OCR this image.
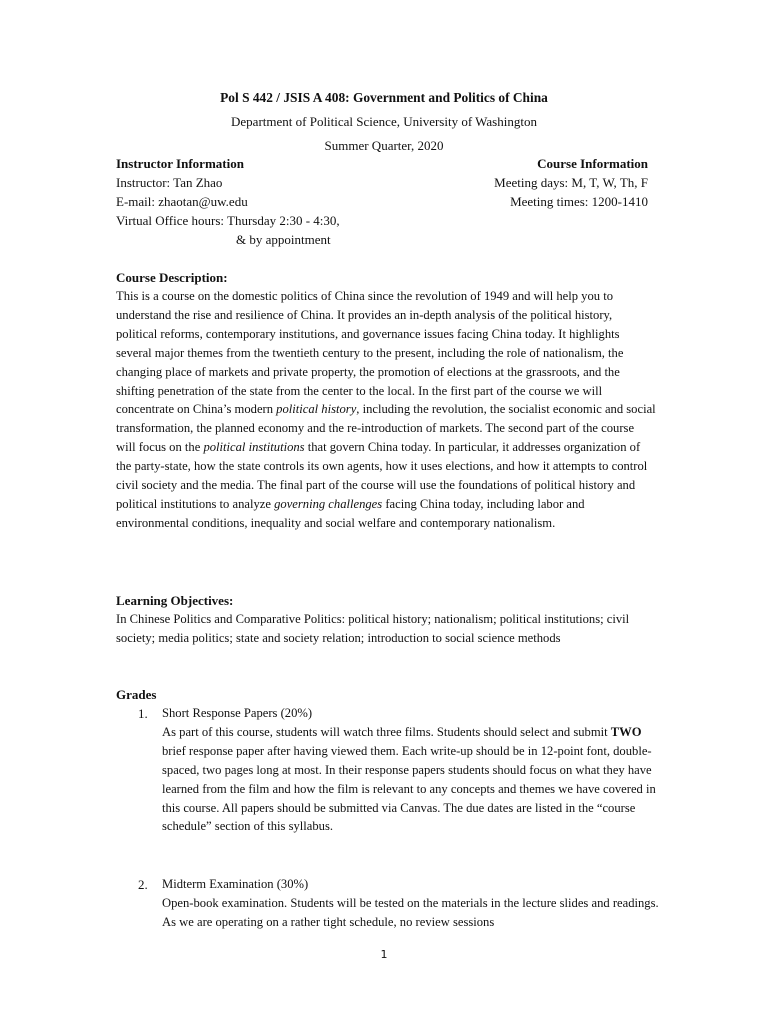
Pol S 442 / JSIS A 408: Government and Politics of China
Department of Political Science, University of Washington
Summer Quarter, 2020
Instructor Information	Course Information
Instructor: Tan Zhao	Meeting days: M, T, W, Th, F
E-mail: zhaotan@uw.edu	Meeting times: 1200-1410
Virtual Office hours: Thursday 2:30 - 4:30,
& by appointment
Course Description:

This is a course on the domestic politics of China since the revolution of 1949 and will help you to understand the rise and resilience of China. It provides an in-depth analysis of the political history, political reforms, contemporary institutions, and governance issues facing China today. It highlights several major themes from the twentieth century to the present, including the role of nationalism, the changing place of markets and private property, the promotion of elections at the grassroots, and the shifting penetration of the state from the center to the local. In the first part of the course we will concentrate on China’s modern political history, including the revolution, the socialist economic and social transformation, the planned economy and the re-introduction of markets. The second part of the course will focus on the political institutions that govern China today. In particular, it addresses organization of the party-state, how the state controls its own agents, how it uses elections, and how it attempts to control civil society and the media. The final part of the course will use the foundations of political history and political institutions to analyze governing challenges facing China today, including labor and environmental conditions, inequality and social welfare and contemporary nationalism.

Learning Objectives:
In Chinese Politics and Comparative Politics: political history; nationalism; political institutions; civil society; media politics; state and society relation; introduction to social science methods
Grades
1. Short Response Papers (20%)

As part of this course, students will watch three films. Students should select and submit TWO brief response paper after having viewed them. Each write-up should be in 12-point font, double-spaced, two pages long at most. In their response papers students should focus on what they have learned from the film and how the film is relevant to any concepts and themes we have covered in this course. All papers should be submitted via Canvas. The due dates are listed in the “course schedule” section of this syllabus.

2. Midterm Examination (30%)

Open-book examination. Students will be tested on the materials in the lecture slides and readings. As we are operating on a rather tight schedule, no review sessions

1
